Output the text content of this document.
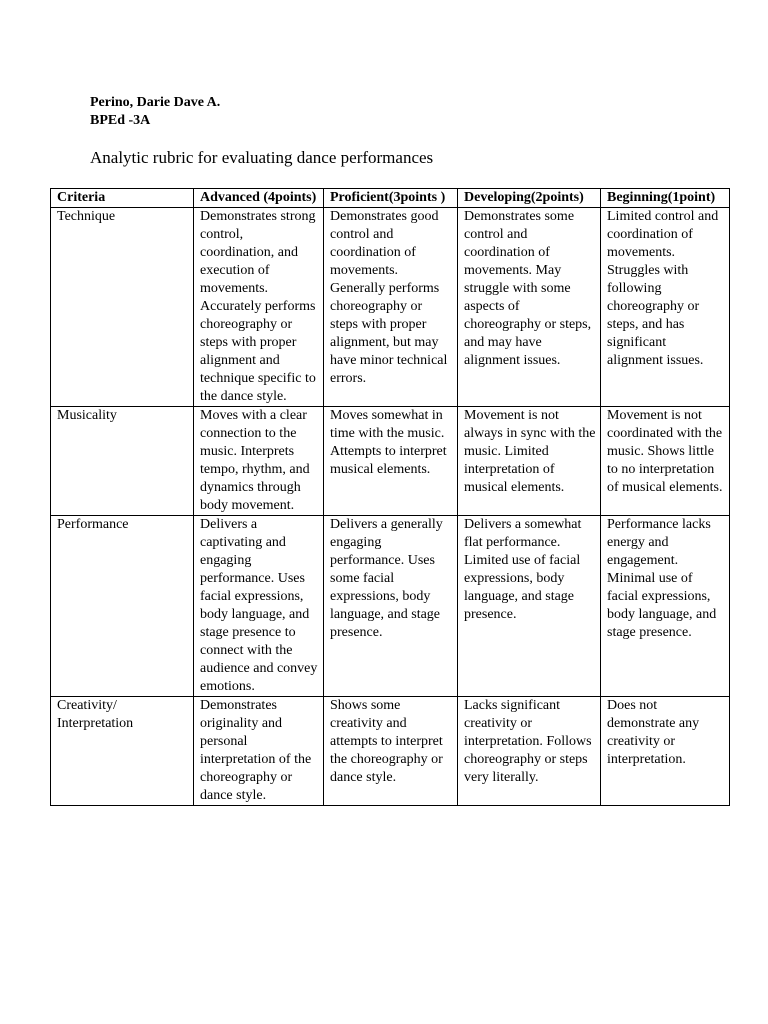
Perino, Darie Dave A.
BPEd -3A
Analytic rubric for evaluating dance performances
Criteria	Advanced (4points)	Proficient(3points )	Developing(2points)	Beginning(1point)
Technique	Demonstrates strong control, coordination, and execution of movements. Accurately performs choreography or steps with proper alignment and technique specific to the dance style.	Demonstrates good control and coordination of movements. Generally performs choreography or steps with proper alignment, but may have minor technical errors.	Demonstrates some control and coordination of movements. May struggle with some aspects of choreography or steps, and may have alignment issues.	Limited control and coordination of movements. Struggles with following choreography or steps, and has significant alignment issues.
Musicality	Moves with a clear connection to the music. Interprets tempo, rhythm, and dynamics through body movement.	Moves somewhat in time with the music. Attempts to interpret musical elements.	Movement is not always in sync with the music. Limited interpretation of musical elements.	Movement is not coordinated with the music. Shows little to no interpretation of musical elements.
Performance	Delivers a captivating and engaging performance. Uses facial expressions, body language, and stage presence to connect with the audience and convey emotions.	Delivers a generally engaging performance. Uses some facial expressions, body language, and stage presence.	Delivers a somewhat flat performance. Limited use of facial expressions, body language, and stage presence.	Performance lacks energy and engagement. Minimal use of facial expressions, body language, and stage presence.
Creativity/ Interpretation	Demonstrates originality and personal interpretation of the choreography or dance style.	Shows some creativity and attempts to interpret the choreography or dance style.	Lacks significant creativity or interpretation. Follows choreography or steps very literally.	Does not demonstrate any creativity or interpretation.
